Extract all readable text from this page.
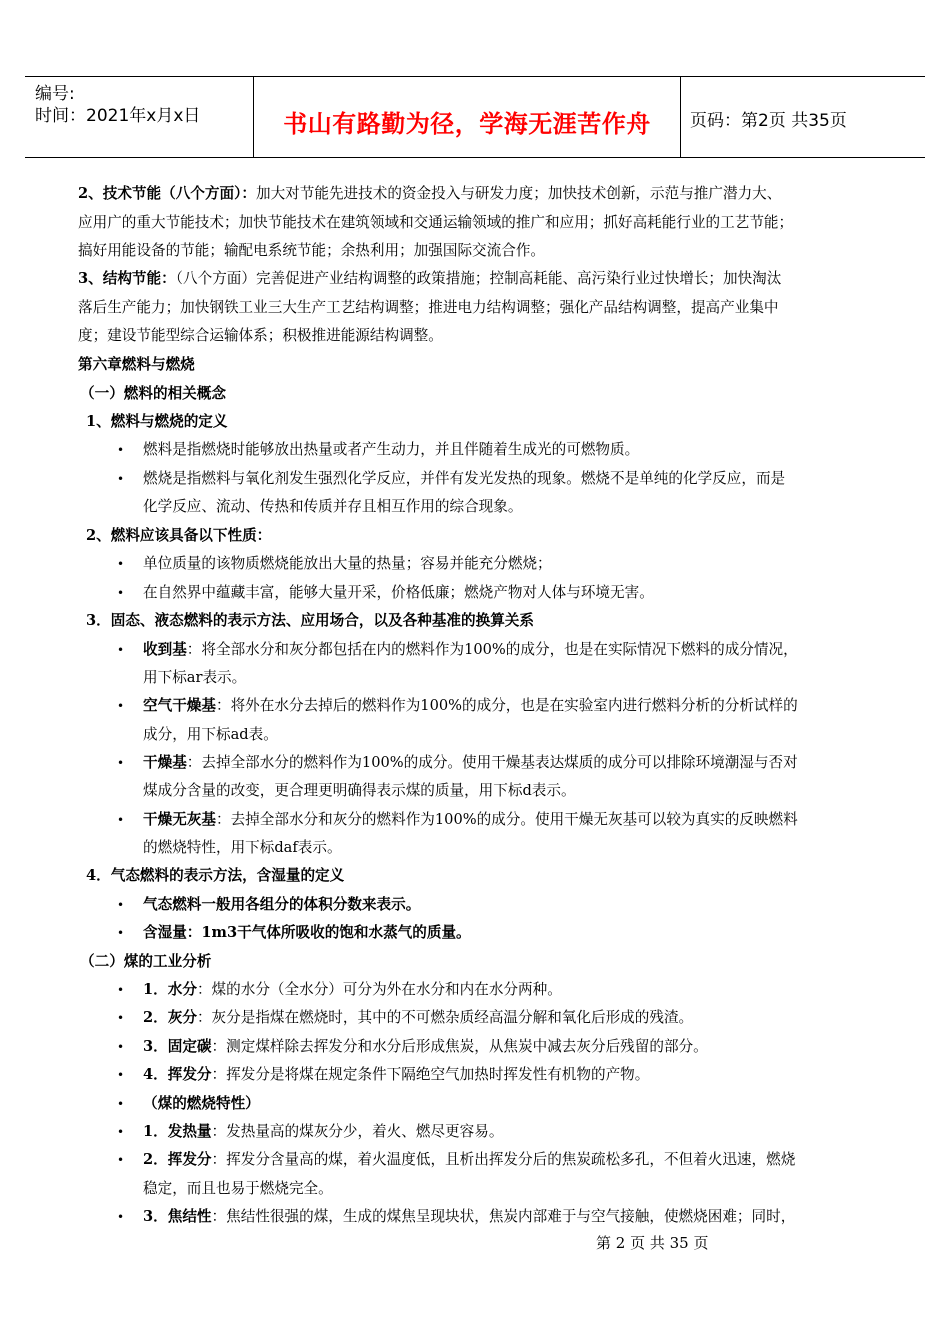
编号:
时间：2021年x月x日	书山有路勤为径，学海无涯苦作舟	页码：第2页 共35页
2、技术节能（八个方面）：加大对节能先进技术的资金投入与研发力度；加快技术创新，示范与推广潜力大、
应用广的重大节能技术；加快节能技术在建筑领域和交通运输领域的推广和应用；抓好高耗能行业的工艺节能；
搞好用能设备的节能；输配电系统节能；余热利用；加强国际交流合作。
3、结构节能：（八个方面）完善促进产业结构调整的政策措施；控制高耗能、高污染行业过快增长；加快淘汰
落后生产能力；加快钢铁工业三大生产工艺结构调整；推进电力结构调整；强化产品结构调整，提高产业集中
度；建设节能型综合运输体系；积极推进能源结构调整。
第六章燃料与燃烧
（一）燃料的相关概念
1、燃料与燃烧的定义
• 燃料是指燃烧时能够放出热量或者产生动力，并且伴随着生成光的可燃物质。
• 燃烧是指燃料与氧化剂发生强烈化学反应，并伴有发光发热的现象。燃烧不是单纯的化学反应，而是
化学反应、流动、传热和传质并存且相互作用的综合现象。
2、燃料应该具备以下性质：
• 单位质量的该物质燃烧能放出大量的热量；容易并能充分燃烧；
• 在自然界中蕴藏丰富，能够大量开采，价格低廉；燃烧产物对人体与环境无害。
3．固态、液态燃料的表示方法、应用场合，以及各种基准的换算关系
• 收到基：将全部水分和灰分都包括在内的燃料作为100%的成分，也是在实际情况下燃料的成分情况，
用下标ar表示。
• 空气干燥基：将外在水分去掉后的燃料作为100%的成分，也是在实验室内进行燃料分析的分析试样的
成分，用下标ad表。
• 干燥基：去掉全部水分的燃料作为100%的成分。使用干燥基表达煤质的成分可以排除环境潮湿与否对
煤成分含量的改变，更合理更明确得表示煤的质量，用下标d表示。
• 干燥无灰基：去掉全部水分和灰分的燃料作为100%的成分。使用干燥无灰基可以较为真实的反映燃料
的燃烧特性，用下标daf表示。
4．气态燃料的表示方法，含湿量的定义
• 气态燃料一般用各组分的体积分数来表示。
• 含湿量：1m3干气体所吸收的饱和水蒸气的质量。
（二）煤的工业分析
• 1．水分：煤的水分（全水分）可分为外在水分和内在水分两种。
• 2．灰分：灰分是指煤在燃烧时，其中的不可燃杂质经高温分解和氧化后形成的残渣。
• 3．固定碳：测定煤样除去挥发分和水分后形成焦炭，从焦炭中减去灰分后残留的部分。
• 4．挥发分：挥发分是将煤在规定条件下隔绝空气加热时挥发性有机物的产物。
• （煤的燃烧特性）
• 1．发热量：发热量高的煤灰分少，着火、燃尽更容易。
• 2．挥发分：挥发分含量高的煤，着火温度低，且析出挥发分后的焦炭疏松多孔，不但着火迅速，燃烧
稳定，而且也易于燃烧完全。
• 3．焦结性：焦结性很强的煤，生成的煤焦呈现块状，焦炭内部难于与空气接触，使燃烧困难；同时，
第 2 页 共 35 页
